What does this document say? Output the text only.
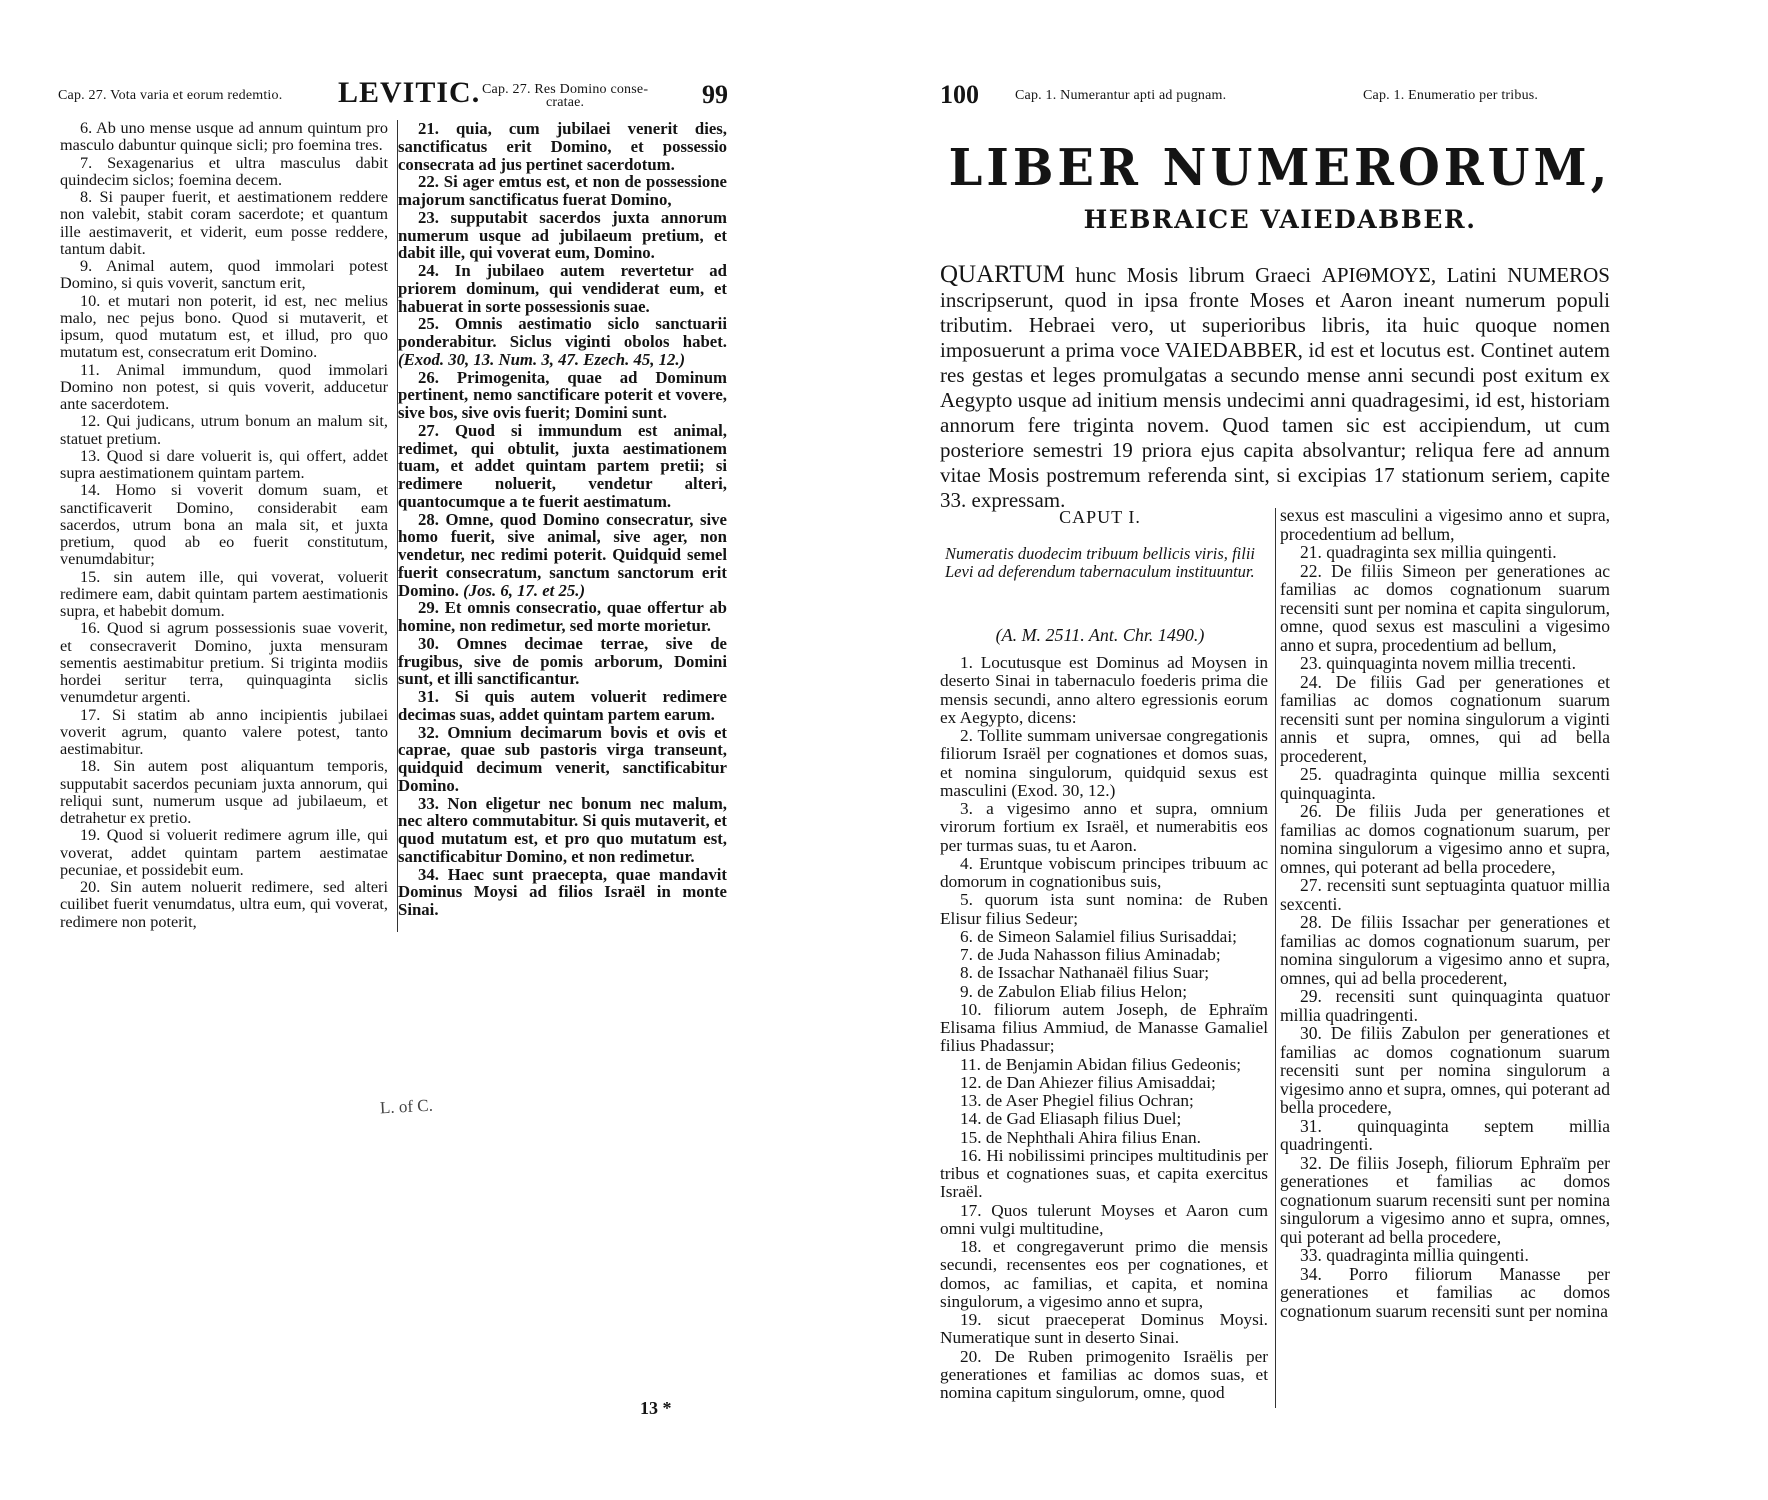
Cap. 27. Vota varia et eorum redemtio. LEVITIC. Cap. 27. Res Domino conse-
cratae.	99

6. Ab uno mense usque ad annum quintum pro masculo dabuntur quinque sicli; pro foemina tres.

7. Sexagenarius et ultra masculus dabit quindecim siclos; foemina decem.

8. Si pauper fuerit, et aestimationem reddere non valebit, stabit coram sacerdote; et quantum ille aestimaverit, et viderit, eum posse reddere, tantum dabit.

9. Animal autem, quod immolari potest Domino, si quis voverit, sanctum erit,

10. et mutari non poterit, id est, nec melius malo, nec pejus bono. Quod si mutaverit, et ipsum, quod mutatum est, et illud, pro quo mutatum est, consecratum erit Domino.

11. Animal immundum, quod immolari Domino non potest, si quis voverit, adducetur ante sacerdotem.

12. Qui judicans, utrum bonum an malum sit, statuet pretium.

13. Quod si dare voluerit is, qui offert, addet supra aestimationem quintam partem.

14. Homo si voverit domum suam, et sanctificaverit Domino, considerabit eam sacerdos, utrum bona an mala sit, et juxta pretium, quod ab eo fuerit constitutum, venumdabitur;

15. sin autem ille, qui voverat, voluerit redimere eam, dabit quintam partem aestimationis supra, et habebit domum.

16. Quod si agrum possessionis suae voverit, et consecraverit Domino, juxta mensuram sementis aestimabitur pretium. Si triginta modiis hordei seritur terra, quinquaginta siclis venumdetur argenti.

17. Si statim ab anno incipientis jubilaei voverit agrum, quanto valere potest, tanto aestimabitur.

18. Sin autem post aliquantum temporis, supputabit sacerdos pecuniam juxta annorum, qui reliqui sunt, numerum usque ad jubilaeum, et detrahetur ex pretio.

19. Quod si voluerit redimere agrum ille, qui voverat, addet quintam partem aestimatae pecuniae, et possidebit eum.

20. Sin autem noluerit redimere, sed alteri cuilibet fuerit venumdatus, ultra eum, qui voverat, redimere non poterit,

21. quia, cum jubilaei venerit dies, sanctificatus erit Domino, et possessio consecrata ad jus pertinet sacerdotum.

22. Si ager emtus est, et non de possessione majorum sanctificatus fuerat Domino,

23. supputabit sacerdos juxta annorum numerum usque ad jubilaeum pretium, et dabit ille, qui voverat eum, Domino.

24. In jubilaeo autem revertetur ad priorem dominum, qui vendiderat eum, et habuerat in sorte possessionis suae.

25. Omnis aestimatio siclo sanctuarii ponderabitur. Siclus viginti obolos habet. (Exod. 30, 13. Num. 3, 47. Ezech. 45, 12.)

26. Primogenita, quae ad Dominum pertinent, nemo sanctificare poterit et vovere, sive bos, sive ovis fuerit; Domini sunt.

27. Quod si immundum est animal, redimet, qui obtulit, juxta aestimationem tuam, et addet quintam partem pretii; si redimere noluerit, vendetur alteri, quantocumque a te fuerit aestimatum.

28. Omne, quod Domino consecratur, sive homo fuerit, sive animal, sive ager, non vendetur, nec redimi poterit. Quidquid semel fuerit consecratum, sanctum sanctorum erit Domino. (Jos. 6, 17. et 25.)

29. Et omnis consecratio, quae offertur ab homine, non redimetur, sed morte morietur.

30. Omnes decimae terrae, sive de frugibus, sive de pomis arborum, Domini sunt, et illi sanctificantur.

31. Si quis autem voluerit redimere decimas suas, addet quintam partem earum.

32. Omnium decimarum bovis et ovis et caprae, quae sub pastoris virga transeunt, quidquid decimum venerit, sanctificabitur Domino.

33. Non eligetur nec bonum nec malum, nec altero commutabitur. Si quis mutaverit, et quod mutatum est, et pro quo mutatum est, sanctificabitur Domino, et non redimetur.

34. Haec sunt praecepta, quae mandavit Dominus Moysi ad filios Israël in monte Sinai.

L. of C.
13 *
100	Cap. 1. Numerantur apti ad pugnam.	Cap. 1. Enumeratio per tribus.
LIBER NUMERORUM,
HEBRAICE VAIEDABBER.

QUARTUM hunc Mosis librum Graeci ΑΡΙΘΜΟΥΣ, Latini NUMEROS inscripserunt, quod in ipsa fronte Moses et Aaron ineant numerum populi tributim. Hebraei vero, ut superioribus libris, ita huic quoque nomen imposuerunt a prima voce VAIEDABBER, id est et locutus est. Continet autem res gestas et leges promulgatas a secundo mense anni secundi post exitum ex Aegypto usque ad initium mensis undecimi anni quadragesimi, id est, historiam annorum fere triginta novem. Quod tamen sic est accipiendum, ut cum posteriore semestri 19 priora ejus capita absolvantur; reliqua fere ad annum vitae Mosis postremum referenda sint, si excipias 17 stationum seriem, capite 33. expressam.

CAPUT I.

Numeratis duodecim tribuum bellicis viris, filii Levi ad deferendum tabernaculum instituuntur.

(A. M. 2511. Ant. Chr. 1490.)

1. Locutusque est Dominus ad Moysen in deserto Sinai in tabernaculo foederis prima die mensis secundi, anno altero egressionis eorum ex Aegypto, dicens:

2. Tollite summam universae congregationis filiorum Israël per cognationes et domos suas, et nomina singulorum, quidquid sexus est masculini (Exod. 30, 12.)

3. a vigesimo anno et supra, omnium virorum fortium ex Israël, et numerabitis eos per turmas suas, tu et Aaron.

4. Eruntque vobiscum principes tribuum ac domorum in cognationibus suis,

5. quorum ista sunt nomina: de Ruben Elisur filius Sedeur;

6. de Simeon Salamiel filius Surisaddai;

7. de Juda Nahasson filius Aminadab;

8. de Issachar Nathanaël filius Suar;

9. de Zabulon Eliab filius Helon;

10. filiorum autem Joseph, de Ephraïm Elisama filius Ammiud, de Manasse Gamaliel filius Phadassur;

11. de Benjamin Abidan filius Gedeonis;

12. de Dan Ahiezer filius Amisaddai;

13. de Aser Phegiel filius Ochran;

14. de Gad Eliasaph filius Duel;

15. de Nephthali Ahira filius Enan.

16. Hi nobilissimi principes multitudinis per tribus et cognationes suas, et capita exercitus Israël.

17. Quos tulerunt Moyses et Aaron cum omni vulgi multitudine,

18. et congregaverunt primo die mensis secundi, recensentes eos per cognationes, et domos, ac familias, et capita, et nomina singulorum, a vigesimo anno et supra,

19. sicut praeceperat Dominus Moysi. Numeratique sunt in deserto Sinai.

20. De Ruben primogenito Israëlis per generationes et familias ac domos suas, et nomina capitum singulorum, omne, quod

sexus est masculini a vigesimo anno et supra, procedentium ad bellum,

21. quadraginta sex millia quingenti.

22. De filiis Simeon per generationes ac familias ac domos cognationum suarum recensiti sunt per nomina et capita singulorum, omne, quod sexus est masculini a vigesimo anno et supra, procedentium ad bellum,

23. quinquaginta novem millia trecenti.

24. De filiis Gad per generationes et familias ac domos cognationum suarum recensiti sunt per nomina singulorum a viginti annis et supra, omnes, qui ad bella procederent,

25. quadraginta quinque millia sexcenti quinquaginta.

26. De filiis Juda per generationes et familias ac domos cognationum suarum, per nomina singulorum a vigesimo anno et supra, omnes, qui poterant ad bella procedere,

27. recensiti sunt septuaginta quatuor millia sexcenti.

28. De filiis Issachar per generationes et familias ac domos cognationum suarum, per nomina singulorum a vigesimo anno et supra, omnes, qui ad bella procederent,

29. recensiti sunt quinquaginta quatuor millia quadringenti.

30. De filiis Zabulon per generationes et familias ac domos cognationum suarum recensiti sunt per nomina singulorum a vigesimo anno et supra, omnes, qui poterant ad bella procedere,

31. quinquaginta septem millia quadringenti.

32. De filiis Joseph, filiorum Ephraïm per generationes et familias ac domos cognationum suarum recensiti sunt per nomina singulorum a vigesimo anno et supra, omnes, qui poterant ad bella procedere,

33. quadraginta millia quingenti.

34. Porro filiorum Manasse per generationes et familias ac domos cognationum suarum recensiti sunt per nomina
